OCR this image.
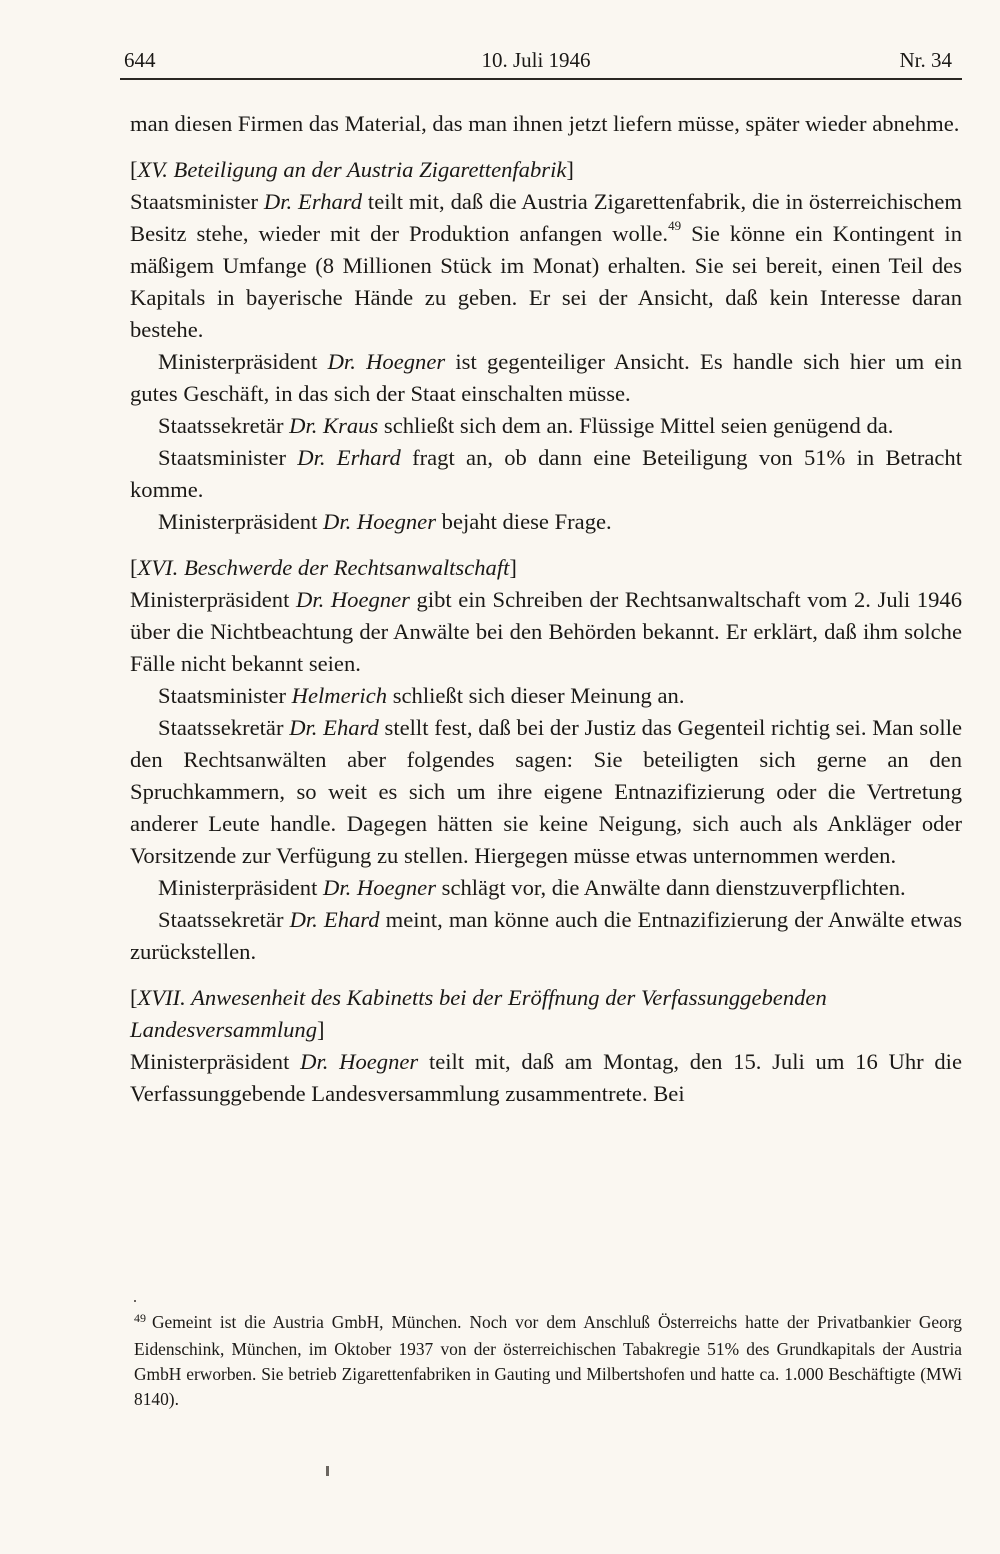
644	10. Juli 1946	Nr. 34

man diesen Firmen das Material, das man ihnen jetzt liefern müsse, später wieder abnehme.

[XV. Beteiligung an der Austria Zigarettenfabrik]

Staatsminister Dr. Erhard teilt mit, daß die Austria Zigarettenfabrik, die in österreichischem Besitz stehe, wieder mit der Produktion anfangen wolle.$^{49}$ Sie könne ein Kontingent in mäßigem Umfange (8 Millionen Stück im Monat) erhalten. Sie sei bereit, einen Teil des Kapitals in bayerische Hände zu geben. Er sei der Ansicht, daß kein Interesse daran bestehe.

Ministerpräsident Dr. Hoegner ist gegenteiliger Ansicht. Es handle sich hier um ein gutes Geschäft, in das sich der Staat einschalten müsse.

Staatssekretär Dr. Kraus schließt sich dem an. Flüssige Mittel seien genügend da.

Staatsminister Dr. Erhard fragt an, ob dann eine Beteiligung von 51% in Betracht komme.

Ministerpräsident Dr. Hoegner bejaht diese Frage.

[XVI. Beschwerde der Rechtsanwaltschaft]

Ministerpräsident Dr. Hoegner gibt ein Schreiben der Rechtsanwaltschaft vom 2. Juli 1946 über die Nichtbeachtung der Anwälte bei den Behörden bekannt. Er erklärt, daß ihm solche Fälle nicht bekannt seien.

Staatsminister Helmerich schließt sich dieser Meinung an.

Staatssekretär Dr. Ehard stellt fest, daß bei der Justiz das Gegenteil richtig sei. Man solle den Rechtsanwälten aber folgendes sagen: Sie beteiligten sich gerne an den Spruchkammern, so weit es sich um ihre eigene Entnazifizierung oder die Vertretung anderer Leute handle. Dagegen hätten sie keine Neigung, sich auch als Ankläger oder Vorsitzende zur Verfügung zu stellen. Hiergegen müsse etwas unternommen werden.

Ministerpräsident Dr. Hoegner schlägt vor, die Anwälte dann dienstzuverpflichten.

Staatssekretär Dr. Ehard meint, man könne auch die Entnazifizierung der Anwälte etwas zurückstellen.

[XVII. Anwesenheit des Kabinetts bei der Eröffnung der Verfassunggebenden Landesversammlung]

Ministerpräsident Dr. Hoegner teilt mit, daß am Montag, den 15. Juli um 16 Uhr die Verfassunggebende Landesversammlung zusammentrete. Bei

$^{49}$ Gemeint ist die Austria GmbH, München. Noch vor dem Anschluß Österreichs hatte der Privatbankier Georg Eidenschink, München, im Oktober 1937 von der österreichischen Tabakregie 51% des Grundkapitals der Austria GmbH erworben. Sie betrieb Zigarettenfabriken in Gauting und Milbertshofen und hatte ca. 1.000 Beschäftigte (MWi 8140).
